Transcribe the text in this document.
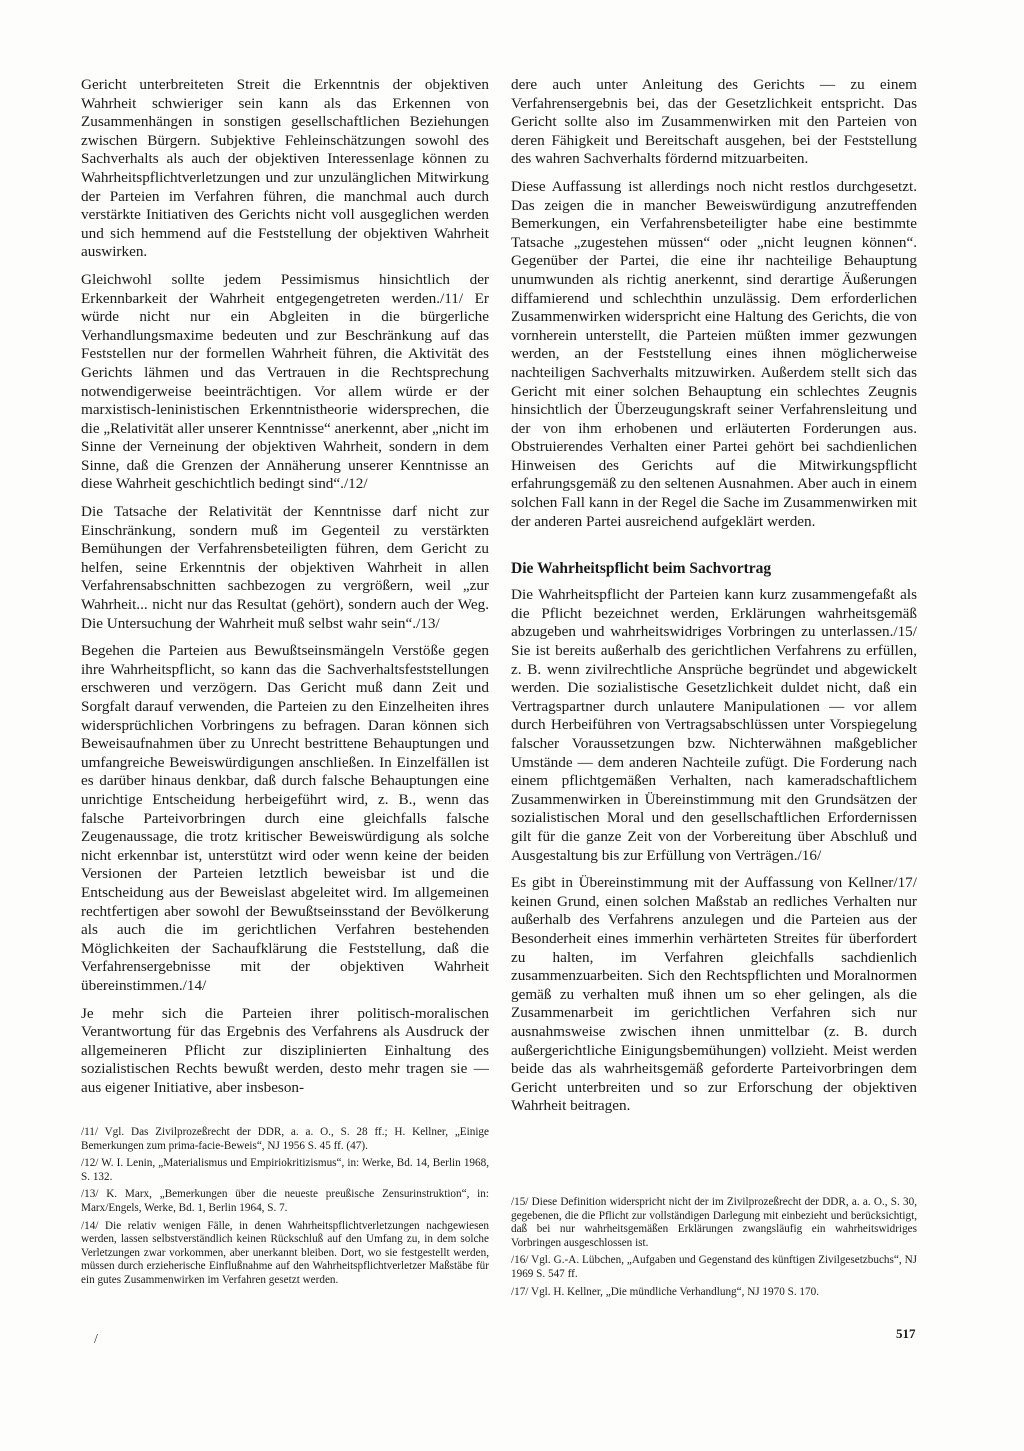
Gericht unterbreiteten Streit die Erkenntnis der objektiven Wahrheit schwieriger sein kann als das Erkennen von Zusammenhängen in sonstigen gesellschaftlichen Beziehungen zwischen Bürgern. Subjektive Fehleinschätzungen sowohl des Sachverhalts als auch der objektiven Interessenlage können zu Wahrheitspflichtverletzungen und zur unzulänglichen Mitwirkung der Parteien im Verfahren führen, die manchmal auch durch verstärkte Initiativen des Gerichts nicht voll ausgeglichen werden und sich hemmend auf die Feststellung der objektiven Wahrheit auswirken.

Gleichwohl sollte jedem Pessimismus hinsichtlich der Erkennbarkeit der Wahrheit entgegengetreten werden./11/ Er würde nicht nur ein Abgleiten in die bürgerliche Verhandlungsmaxime bedeuten und zur Beschränkung auf das Feststellen nur der formellen Wahrheit führen, die Aktivität des Gerichts lähmen und das Vertrauen in die Rechtsprechung notwendigerweise beeinträchtigen. Vor allem würde er der marxistisch-leninistischen Erkenntnistheorie widersprechen, die die „Relativität aller unserer Kenntnisse“ anerkennt, aber „nicht im Sinne der Verneinung der objektiven Wahrheit, sondern in dem Sinne, daß die Grenzen der Annäherung unserer Kenntnisse an diese Wahrheit geschichtlich bedingt sind“./12/

Die Tatsache der Relativität der Kenntnisse darf nicht zur Einschränkung, sondern muß im Gegenteil zu verstärkten Bemühungen der Verfahrensbeteiligten führen, dem Gericht zu helfen, seine Erkenntnis der objektiven Wahrheit in allen Verfahrensabschnitten sachbezogen zu vergrößern, weil „zur Wahrheit... nicht nur das Resultat (gehört), sondern auch der Weg. Die Untersuchung der Wahrheit muß selbst wahr sein“./13/

Begehen die Parteien aus Bewußtseinsmängeln Verstöße gegen ihre Wahrheitspflicht, so kann das die Sachverhaltsfeststellungen erschweren und verzögern. Das Gericht muß dann Zeit und Sorgfalt darauf verwenden, die Parteien zu den Einzelheiten ihres widersprüchlichen Vorbringens zu befragen. Daran können sich Beweisaufnahmen über zu Unrecht bestrittene Behauptungen und umfangreiche Beweiswürdigungen anschließen. In Einzelfällen ist es darüber hinaus denkbar, daß durch falsche Behauptungen eine unrichtige Entscheidung herbeigeführt wird, z. B., wenn das falsche Parteivorbringen durch eine gleichfalls falsche Zeugenaussage, die trotz kritischer Beweiswürdigung als solche nicht erkennbar ist, unterstützt wird oder wenn keine der beiden Versionen der Parteien letztlich beweisbar ist und die Entscheidung aus der Beweislast abgeleitet wird. Im allgemeinen rechtfertigen aber sowohl der Bewußtseinsstand der Bevölkerung als auch die im gerichtlichen Verfahren bestehenden Möglichkeiten der Sachaufklärung die Feststellung, daß die Verfahrensergebnisse mit der objektiven Wahrheit übereinstimmen./14/

Je mehr sich die Parteien ihrer politisch-moralischen Verantwortung für das Ergebnis des Verfahrens als Ausdruck der allgemeineren Pflicht zur disziplinierten Einhaltung des sozialistischen Rechts bewußt werden, desto mehr tragen sie — aus eigener Initiative, aber insbeson-

dere auch unter Anleitung des Gerichts — zu einem Verfahrensergebnis bei, das der Gesetzlichkeit entspricht. Das Gericht sollte also im Zusammenwirken mit den Parteien von deren Fähigkeit und Bereitschaft ausgehen, bei der Feststellung des wahren Sachverhalts fördernd mitzuarbeiten.

Diese Auffassung ist allerdings noch nicht restlos durchgesetzt. Das zeigen die in mancher Beweiswürdigung anzutreffenden Bemerkungen, ein Verfahrensbeteiligter habe eine bestimmte Tatsache „zugestehen müssen“ oder „nicht leugnen können“. Gegenüber der Partei, die eine ihr nachteilige Behauptung unumwunden als richtig anerkennt, sind derartige Äußerungen diffamierend und schlechthin unzulässig. Dem erforderlichen Zusammenwirken widerspricht eine Haltung des Gerichts, die von vornherein unterstellt, die Parteien müßten immer gezwungen werden, an der Feststellung eines ihnen möglicherweise nachteiligen Sachverhalts mitzuwirken. Außerdem stellt sich das Gericht mit einer solchen Behauptung ein schlechtes Zeugnis hinsichtlich der Überzeugungskraft seiner Verfahrensleitung und der von ihm erhobenen und erläuterten Forderungen aus. Obstruierendes Verhalten einer Partei gehört bei sachdienlichen Hinweisen des Gerichts auf die Mitwirkungspflicht erfahrungsgemäß zu den seltenen Ausnahmen. Aber auch in einem solchen Fall kann in der Regel die Sache im Zusammenwirken mit der anderen Partei ausreichend aufgeklärt werden.

Die Wahrheitspflicht beim Sachvortrag

Die Wahrheitspflicht der Parteien kann kurz zusammengefaßt als die Pflicht bezeichnet werden, Erklärungen wahrheitsgemäß abzugeben und wahrheitswidriges Vorbringen zu unterlassen./15/ Sie ist bereits außerhalb des gerichtlichen Verfahrens zu erfüllen, z. B. wenn zivilrechtliche Ansprüche begründet und abgewickelt werden. Die sozialistische Gesetzlichkeit duldet nicht, daß ein Vertragspartner durch unlautere Manipulationen — vor allem durch Herbeiführen von Vertragsabschlüssen unter Vorspiegelung falscher Voraussetzungen bzw. Nichterwähnen maßgeblicher Umstände — dem anderen Nachteile zufügt. Die Forderung nach einem pflichtgemäßen Verhalten, nach kameradschaftlichem Zusammenwirken in Übereinstimmung mit den Grundsätzen der sozialistischen Moral und den gesellschaftlichen Erfordernissen gilt für die ganze Zeit von der Vorbereitung über Abschluß und Ausgestaltung bis zur Erfüllung von Verträgen./16/

Es gibt in Übereinstimmung mit der Auffassung von Kellner/17/ keinen Grund, einen solchen Maßstab an redliches Verhalten nur außerhalb des Verfahrens anzulegen und die Parteien aus der Besonderheit eines immerhin verhärteten Streites für überfordert zu halten, im Verfahren gleichfalls sachdienlich zusammenzuarbeiten. Sich den Rechtspflichten und Moralnormen gemäß zu verhalten muß ihnen um so eher gelingen, als die Zusammenarbeit im gerichtlichen Verfahren sich nur ausnahmsweise zwischen ihnen unmittelbar (z. B. durch außergerichtliche Einigungsbemühungen) vollzieht. Meist werden beide das als wahrheitsgemäß geforderte Parteivorbringen dem Gericht unterbreiten und so zur Erforschung der objektiven Wahrheit beitragen.

/11/ Vgl. Das Zivilprozeßrecht der DDR, a. a. O., S. 28 ff.; H. Kellner, „Einige Bemerkungen zum prima-facie-Beweis“, NJ 1956 S. 45 ff. (47).

/12/ W. I. Lenin, „Materialismus und Empiriokritizismus“, in: Werke, Bd. 14, Berlin 1968, S. 132.

/13/ K. Marx, „Bemerkungen über die neueste preußische Zensurinstruktion“, in: Marx/Engels, Werke, Bd. 1, Berlin 1964, S. 7.

/14/ Die relativ wenigen Fälle, in denen Wahrheitspflichtverletzungen nachgewiesen werden, lassen selbstverständlich keinen Rückschluß auf den Umfang zu, in dem solche Verletzungen zwar vorkommen, aber unerkannt bleiben. Dort, wo sie festgestellt werden, müssen durch erzieherische Einflußnahme auf den Wahrheitspflichtverletzer Maßstäbe für ein gutes Zusammenwirken im Verfahren gesetzt werden.

/15/ Diese Definition widerspricht nicht der im Zivilprozeßrecht der DDR, a. a. O., S. 30, gegebenen, die die Pflicht zur vollständigen Darlegung mit einbezieht und berücksichtigt, daß bei nur wahrheitsgemäßen Erklärungen zwangsläufig ein wahrheitswidriges Vorbringen ausgeschlossen ist.

/16/ Vgl. G.-A. Lübchen, „Aufgaben und Gegenstand des künftigen Zivilgesetzbuchs“, NJ 1969 S. 547 ff.

/17/ Vgl. H. Kellner, „Die mündliche Verhandlung“, NJ 1970 S. 170.

/	517
